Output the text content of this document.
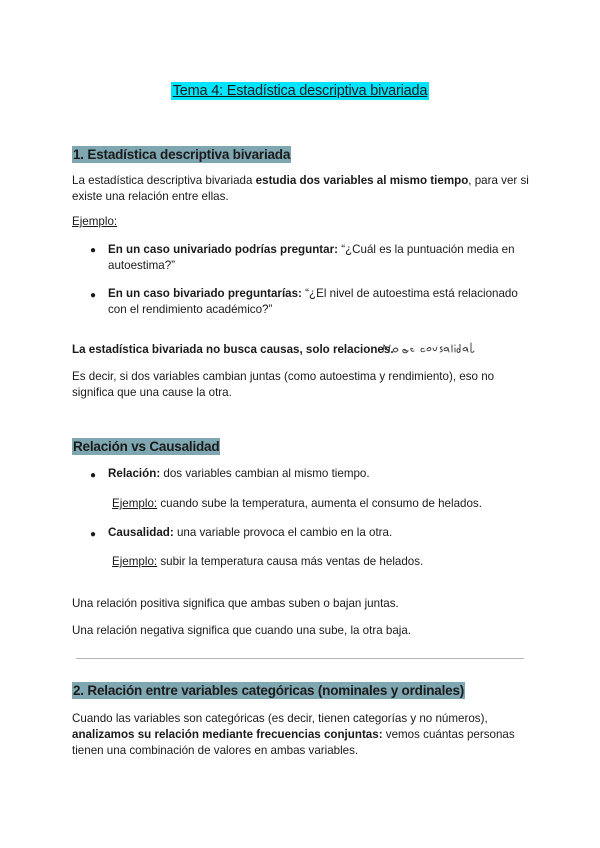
Tema 4: Estadística descriptiva bivariada
1. Estadística descriptiva bivariada
La estadística descriptiva bivariada estudia dos variables al mismo tiempo, para ver si existe una relación entre ellas.
Ejemplo:
● En un caso univariado podrías preguntar: “¿Cuál es la puntuación media en autoestima?”
● En un caso bivariado preguntarías: “¿El nivel de autoestima está relacionado con el rendimiento académico?”
La estadística bivariada no busca causas, solo relaciones.
Es decir, si dos variables cambian juntas (como autoestima y rendimiento), eso no significa que una cause la otra.
Relación vs Causalidad
● Relación: dos variables cambian al mismo tiempo.
Ejemplo: cuando sube la temperatura, aumenta el consumo de helados.
● Causalidad: una variable provoca el cambio en la otra.
Ejemplo: subir la temperatura causa más ventas de helados.
Una relación positiva significa que ambas suben o bajan juntas.
Una relación negativa significa que cuando una sube, la otra baja.
2. Relación entre variables categóricas (nominales y ordinales)
Cuando las variables son categóricas (es decir, tienen categorías y no números), analizamos su relación mediante frecuencias conjuntas: vemos cuántas personas tienen una combinación de valores en ambas variables.
